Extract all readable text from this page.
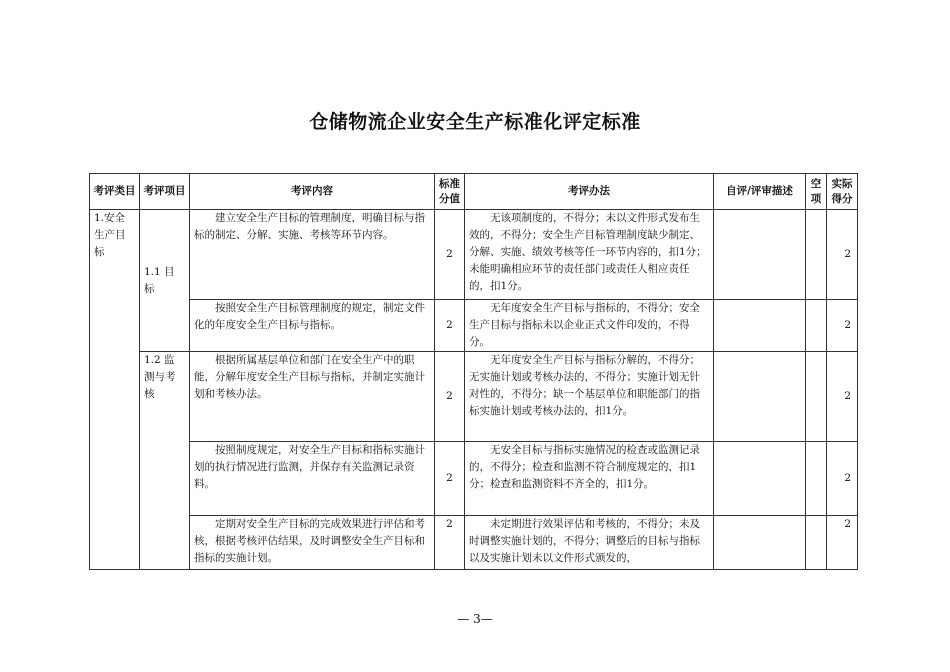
仓储物流企业安全生产标准化评定标准
考评类目	考评项目	考评内容	标准分值	考评办法	自评/评审描述	空项	实际得分
1.安全生产目标	1.1 目标	建立安全生产目标的管理制度，明确目标与指标的制定、分解、实施、考核等环节内容。	2	无该项制度的，不得分；未以文件形式发布生效的，不得分；安全生产目标管理制度缺少制定、分解、实施、绩效考核等任一环节内容的，扣1分；未能明确相应环节的责任部门或责任人相应责任的，扣1分。			2
		按照安全生产目标管理制度的规定，制定文件化的年度安全生产目标与指标。	2	无年度安全生产目标与指标的，不得分；安全生产目标与指标未以企业正式文件印发的，不得分。			2
	1.2 监测与考核	根据所属基层单位和部门在安全生产中的职能，分解年度安全生产目标与指标，并制定实施计划和考核办法。	2	无年度安全生产目标与指标分解的，不得分；无实施计划或考核办法的，不得分；实施计划无针对性的，不得分；缺一个基层单位和职能部门的指标实施计划或考核办法的，扣1分。			2
		按照制度规定，对安全生产目标和指标实施计划的执行情况进行监测，并保存有关监测记录资料。	2	无安全目标与指标实施情况的检查或监测记录的，不得分；检查和监测不符合制度规定的，扣1分；检查和监测资料不齐全的，扣1分。			2
		定期对安全生产目标的完成效果进行评估和考核，根据考核评估结果，及时调整安全生产目标和指标的实施计划。	2	未定期进行效果评估和考核的，不得分；未及时调整实施计划的，不得分；调整后的目标与指标以及实施计划未以文件形式颁发的，			2
— 3—
